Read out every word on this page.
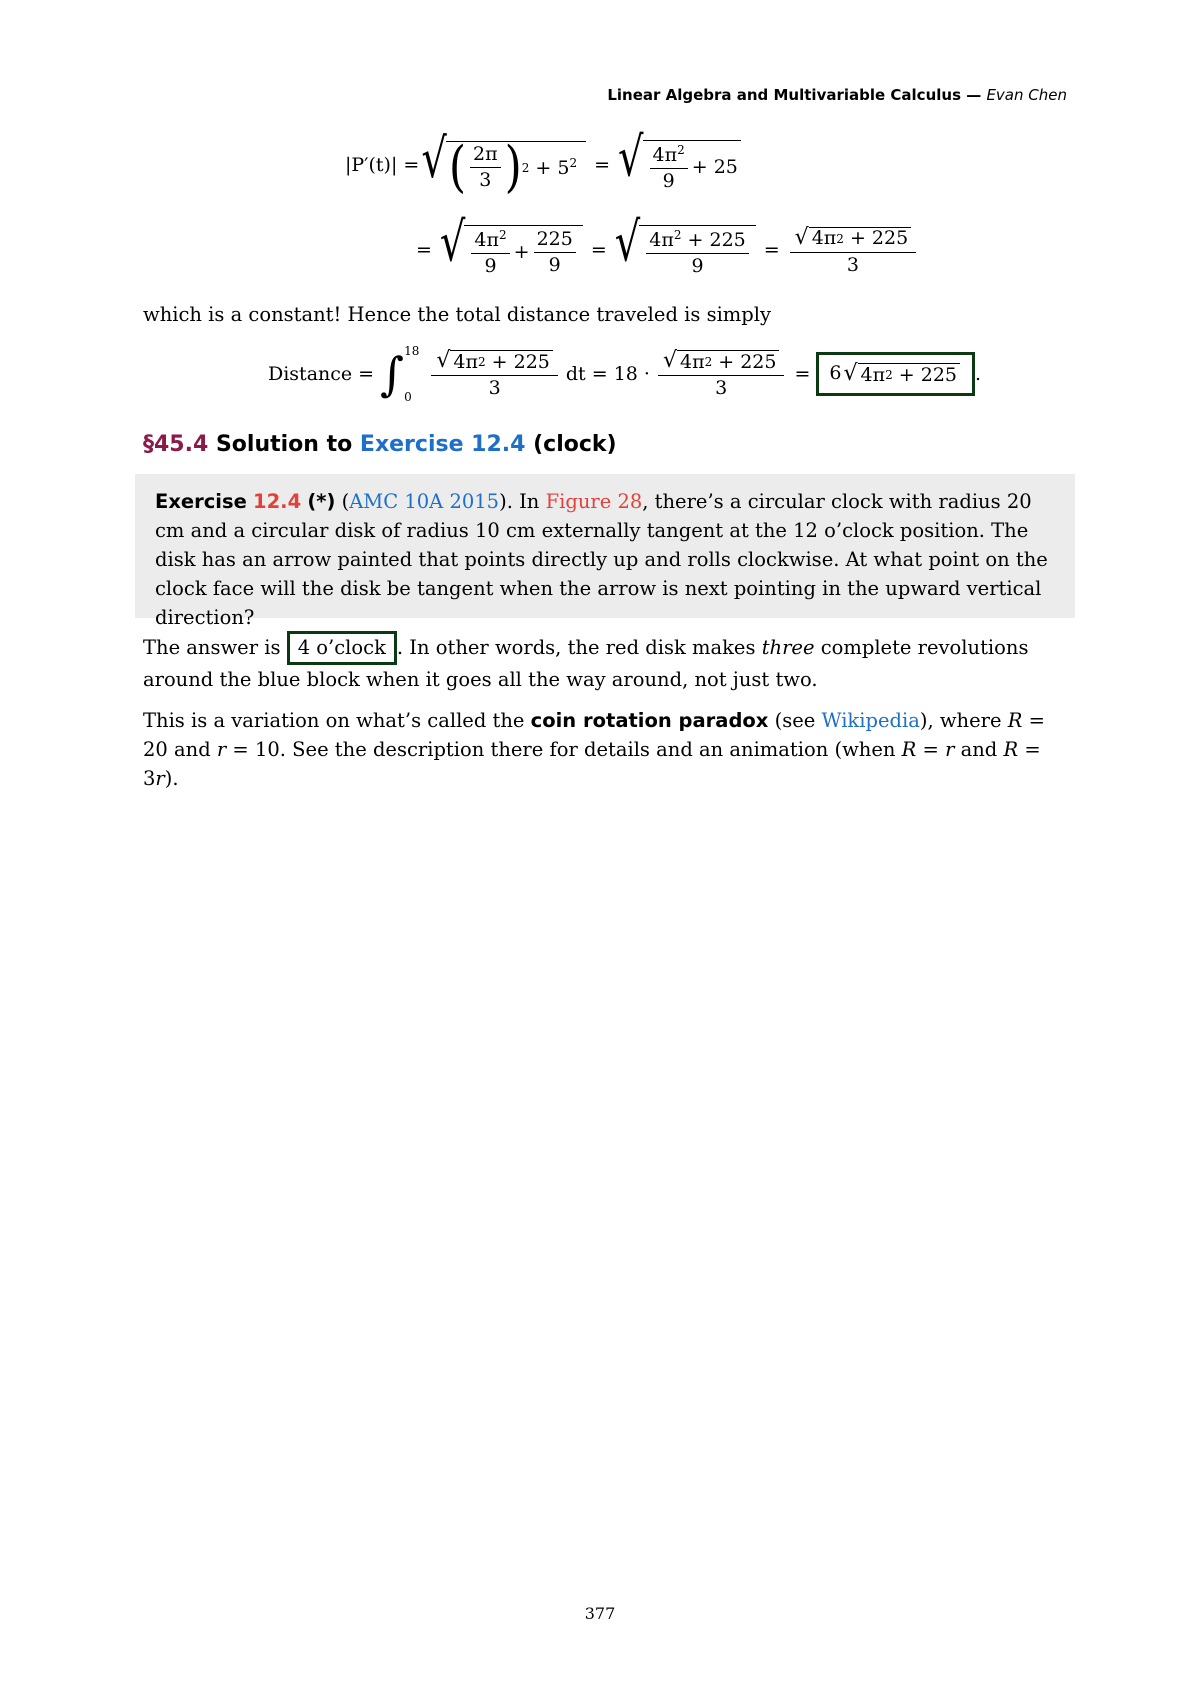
Linear Algebra and Multivariable Calculus — Evan Chen
|P′(t)| = √ ( $\frac{2\pi}{3}$ ) $2 + 5^2$ = √ $\frac{4\pi^2}{9} + 25$
= √ $\frac{4\pi^2}{9} + \frac{225}{9}$ = √ $\frac{4\pi^2 + 225}{9}$ = √ 4π 2
+ 225
3
which is a constant! Hence the total distance traveled is simply
Distance = ∫ 18
0 √ 4π 2
+ 225
3 dt = 18 · √ 4π 2
+ 225
3 =	6 √ 4π 2
+ 225 .
§45.4 Solution to Exercise 12.4 (clock)
Exercise 12.4 (*) (AMC 10A 2015). In Figure 28, there’s a circular clock with radius 20 cm and a circular disk of radius 10 cm externally tangent at the 12 o’clock position. The disk has an arrow painted that points directly up and rolls clockwise. At what point on the clock face will the disk be tangent when the arrow is next pointing in the upward vertical direction?
The answer is 4 o’clock . In other words, the red disk makes three complete revolutions around the blue block when it goes all the way around, not just two.
This is a variation on what’s called the coin rotation paradox (see Wikipedia), where R = 20 and r = 10. See the description there for details and an animation (when R = r and R = 3r).
377
